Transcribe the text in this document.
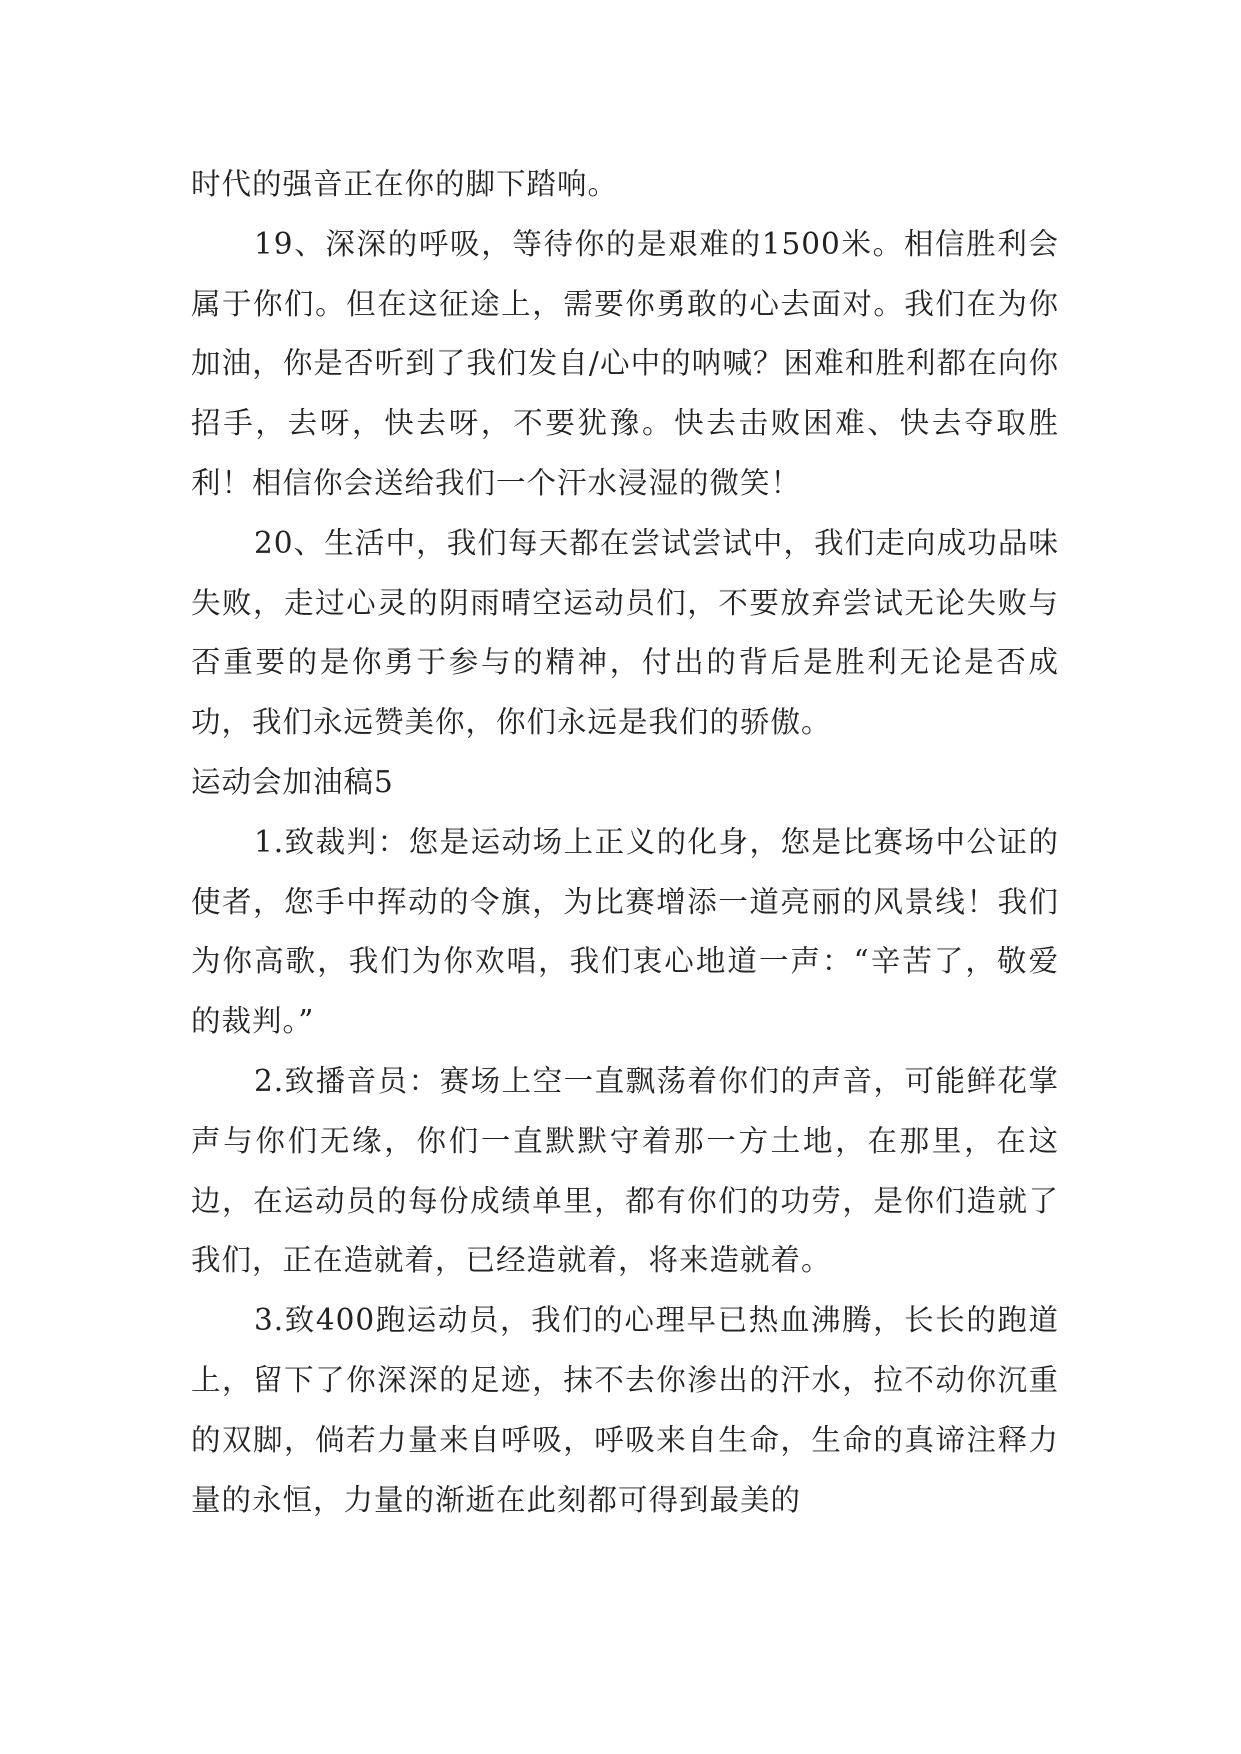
时代的强音正在你的脚下踏响。

19、深深的呼吸，等待你的是艰难的1500米。相信胜利会属于你们。但在这征途上，需要你勇敢的心去面对。我们在为你加油，你是否听到了我们发自/心中的呐喊？困难和胜利都在向你招手，去呀，快去呀，不要犹豫。快去击败困难、快去夺取胜利！相信你会送给我们一个汗水浸湿的微笑！

20、生活中，我们每天都在尝试尝试中，我们走向成功品味失败，走过心灵的阴雨晴空运动员们，不要放弃尝试无论失败与否重要的是你勇于参与的精神，付出的背后是胜利无论是否成功，我们永远赞美你，你们永远是我们的骄傲。

运动会加油稿5

1.致裁判：您是运动场上正义的化身，您是比赛场中公证的使者，您手中挥动的令旗，为比赛增添一道亮丽的风景线！我们为你高歌，我们为你欢唱，我们衷心地道一声：“辛苦了，敬爱的裁判。”

2.致播音员：赛场上空一直飘荡着你们的声音，可能鲜花掌声与你们无缘，你们一直默默守着那一方土地，在那里，在这边，在运动员的每份成绩单里，都有你们的功劳，是你们造就了我们，正在造就着，已经造就着，将来造就着。

3.致400跑运动员，我们的心理早已热血沸腾，长长的跑道上，留下了你深深的足迹，抹不去你渗出的汗水，拉不动你沉重的双脚，倘若力量来自呼吸，呼吸来自生命，生命的真谛注释力量的永恒，力量的渐逝在此刻都可得到最美的
